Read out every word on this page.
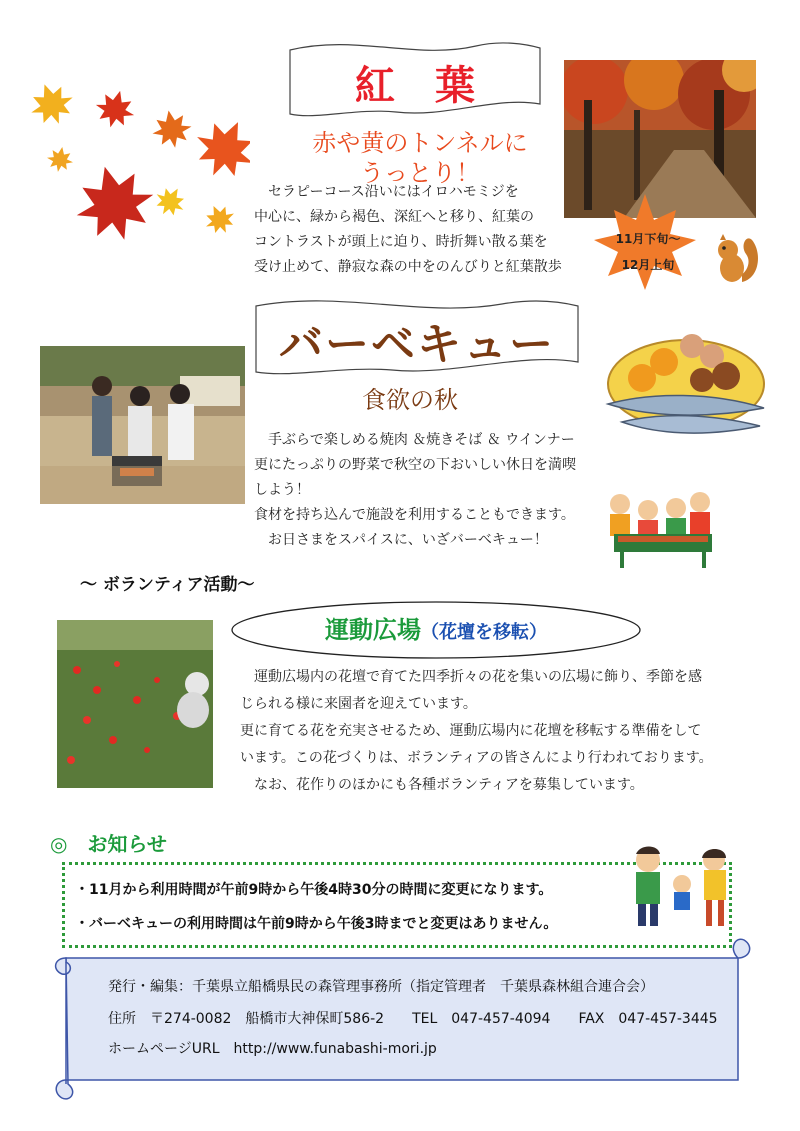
紅葉
赤や黄のトンネルに
うっとり！
　セラピーコース沿いにはイロハモミジを
中心に、緑から褐色、深紅へと移り、紅葉の
コントラストが頭上に迫り、時折舞い散る葉を
受け止めて、静寂な森の中をのんびりと紅葉散歩
11月下旬～
12月上旬
バーベキュー
食欲の秋
　手ぶらで楽しめる焼肉 ＆焼きそば ＆ ウインナー
更にたっぷりの野菜で秋空の下おいしい休日を満喫
しよう！
食材を持ち込んで施設を利用することもできます。
　お日さまをスパイスに、いざバーベキュー！
～ ボランティア活動～
運動広場（花壇を移転）
　運動広場内の花壇で育てた四季折々の花を集いの広場に飾り、季節を感
じられる様に来園者を迎えています。
更に育てる花を充実させるため、運動広場内に花壇を移転する準備をして
います。この花づくりは、ボランティアの皆さんにより行われております。
　なお、花作りのほかにも各種ボランティアを募集しています。
◎　お知らせ
・11月から利用時間が午前9時から午後4時30分の時間に変更になります。
・バーベキューの利用時間は午前9時から午後3時までと変更はありません。
発行・編集：千葉県立船橋県民の森管理事務所（指定管理者　千葉県森林組合連合会）
住所　〒274-0082　船橋市大神保町586-2　　TEL　047-457-4094　　FAX　047-457-3445
ホームページURL　http://www.funabashi-mori.jp
